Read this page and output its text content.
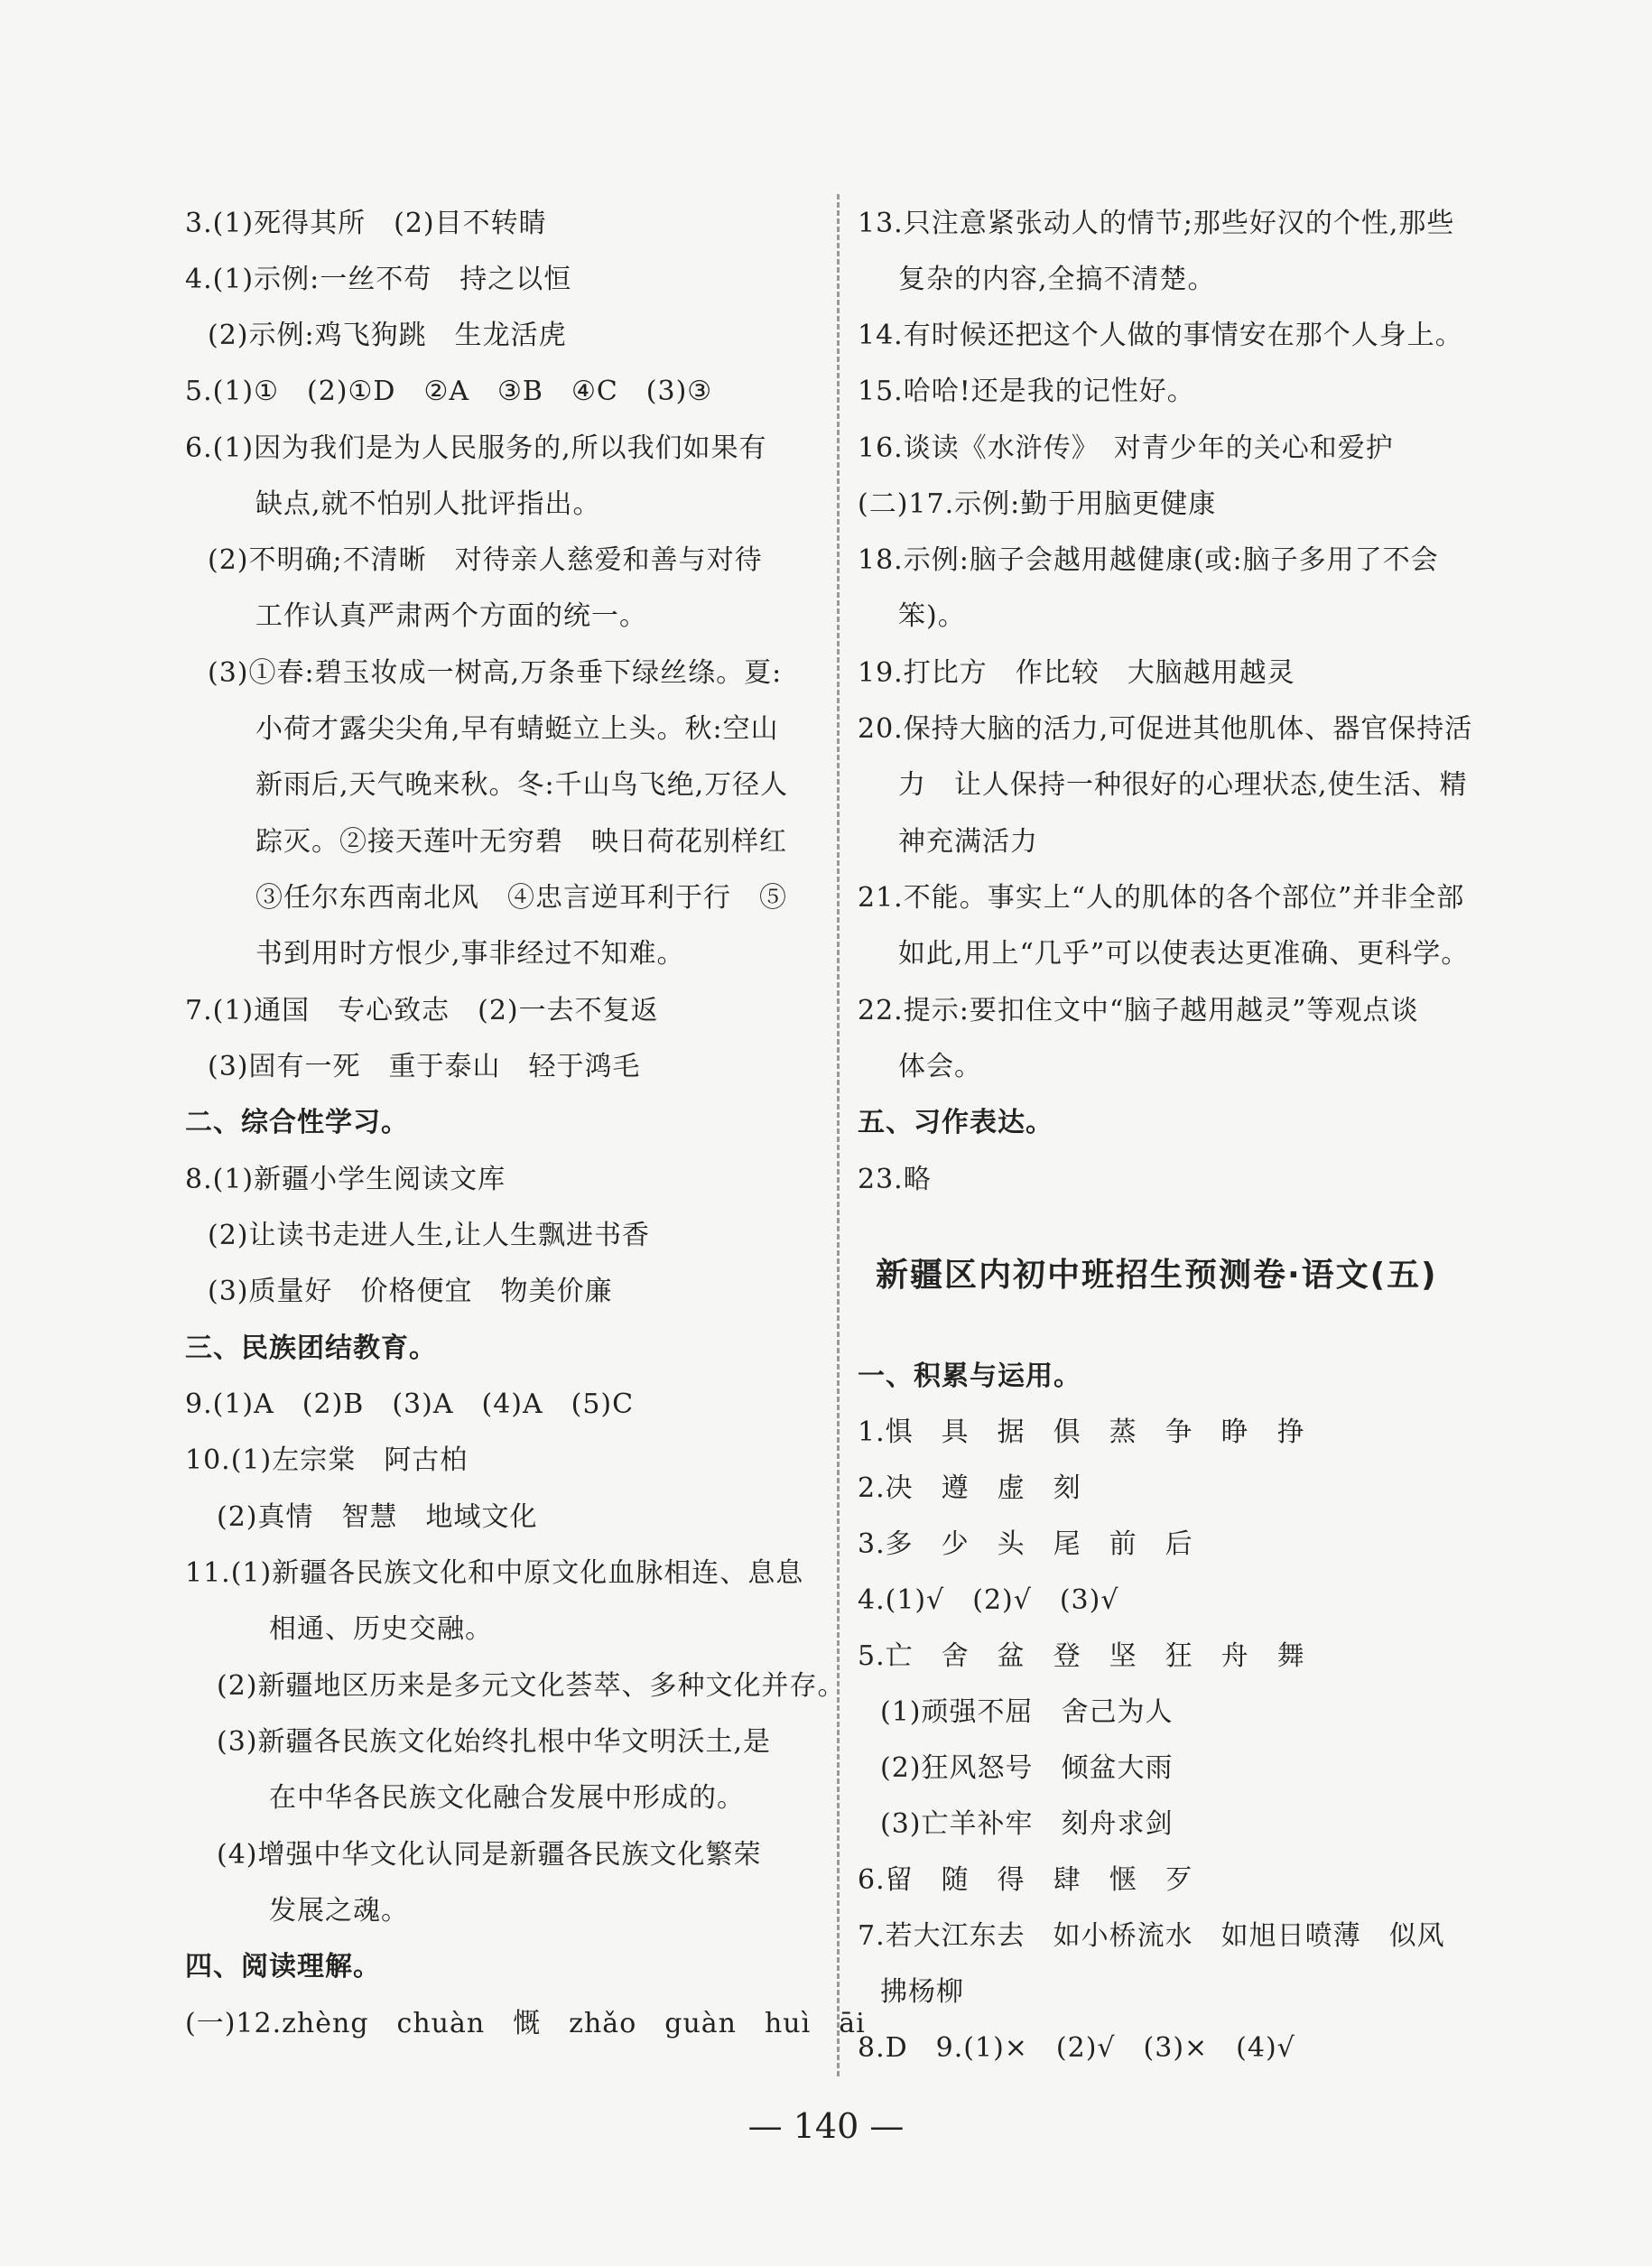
3.(1)死得其所　(2)目不转睛
4.(1)示例:一丝不苟　持之以恒
(2)示例:鸡飞狗跳　生龙活虎
5.(1)①　(2)①D　②A　③B　④C　(3)③
6.(1)因为我们是为人民服务的,所以我们如果有
缺点,就不怕别人批评指出。
(2)不明确;不清晰　对待亲人慈爱和善与对待
工作认真严肃两个方面的统一。
(3)①春:碧玉妆成一树高,万条垂下绿丝绦。夏:
小荷才露尖尖角,早有蜻蜓立上头。秋:空山
新雨后,天气晚来秋。冬:千山鸟飞绝,万径人
踪灭。②接天莲叶无穷碧　映日荷花别样红
③任尔东西南北风　④忠言逆耳利于行　⑤
书到用时方恨少,事非经过不知难。
7.(1)通国　专心致志　(2)一去不复返
(3)固有一死　重于泰山　轻于鸿毛
二、综合性学习。
8.(1)新疆小学生阅读文库
(2)让读书走进人生,让人生飘进书香
(3)质量好　价格便宜　物美价廉
三、民族团结教育。
9.(1)A　(2)B　(3)A　(4)A　(5)C
10.(1)左宗棠　阿古柏
(2)真情　智慧　地域文化
11.(1)新疆各民族文化和中原文化血脉相连、息息
相通、历史交融。
(2)新疆地区历来是多元文化荟萃、多种文化并存。
(3)新疆各民族文化始终扎根中华文明沃土,是
在中华各民族文化融合发展中形成的。
(4)增强中华文化认同是新疆各民族文化繁荣
发展之魂。
四、阅读理解。
(一)12.zhèng　chuàn　慨　zhǎo　guàn　huì　āi
13.只注意紧张动人的情节;那些好汉的个性,那些
复杂的内容,全搞不清楚。
14.有时候还把这个人做的事情安在那个人身上。
15.哈哈!还是我的记性好。
16.谈读《水浒传》　对青少年的关心和爱护
(二)17.示例:勤于用脑更健康
18.示例:脑子会越用越健康(或:脑子多用了不会
笨)。
19.打比方　作比较　大脑越用越灵
20.保持大脑的活力,可促进其他肌体、器官保持活
力　让人保持一种很好的心理状态,使生活、精
神充满活力
21.不能。事实上“人的肌体的各个部位”并非全部
如此,用上“几乎”可以使表达更准确、更科学。
22.提示:要扣住文中“脑子越用越灵”等观点谈
体会。
五、习作表达。
23.略
新疆区内初中班招生预测卷·语文(五)
一、积累与运用。
1.惧　具　据　俱　蒸　争　睁　挣
2.决　遵　虚　刻
3.多　少　头　尾　前　后
4.(1)√　(2)√　(3)√
5.亡　舍　盆　登　坚　狂　舟　舞
(1)顽强不屈　舍己为人
(2)狂风怒号　倾盆大雨
(3)亡羊补牢　刻舟求剑
6.留　随　得　肆　惬　歹
7.若大江东去　如小桥流水　如旭日喷薄　似风
拂杨柳
8.D　9.(1)×　(2)√　(3)×　(4)√
— 140 —
